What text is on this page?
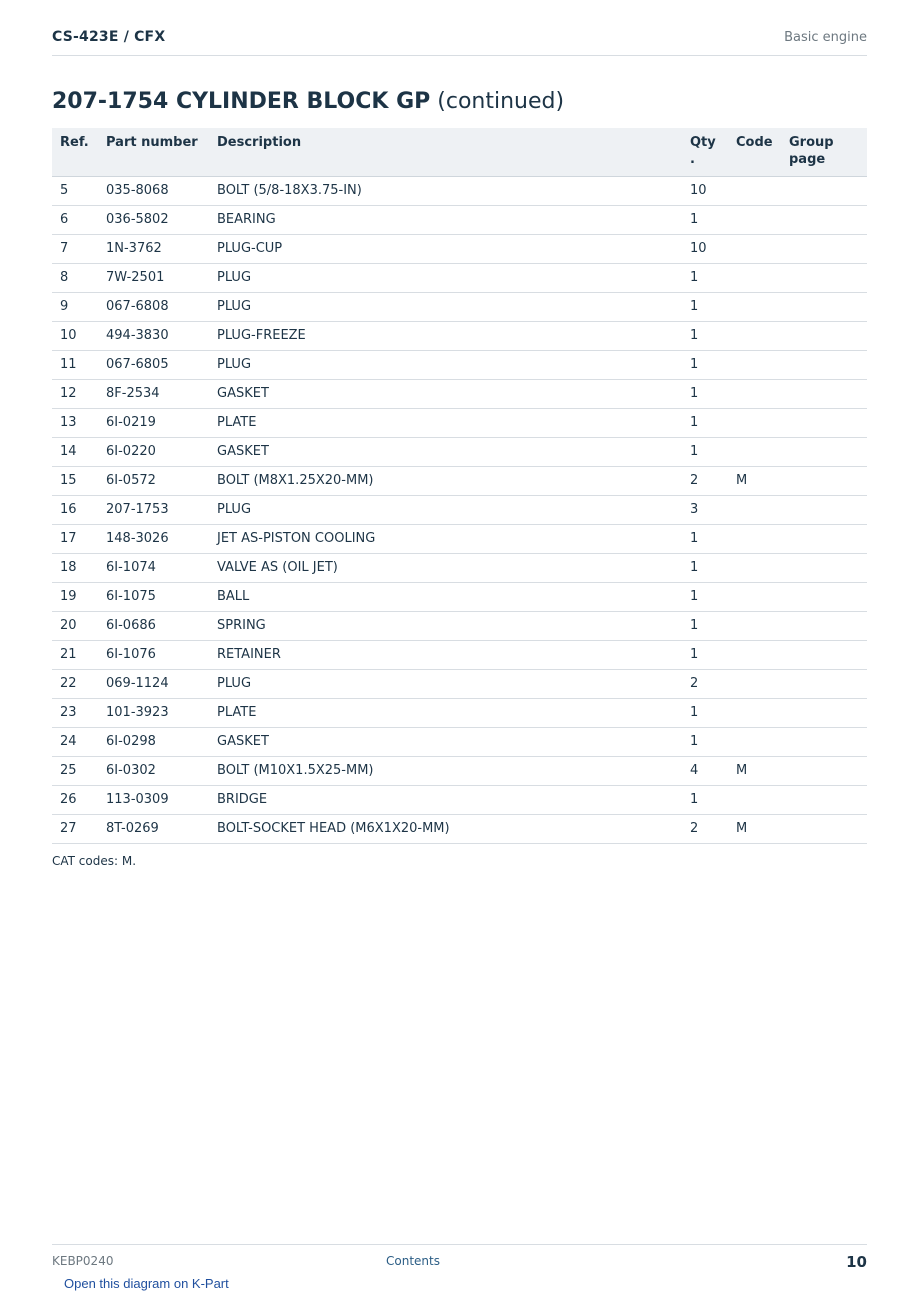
CS-423E / CFX	Basic engine
207-1754 CYLINDER BLOCK GP (continued)
Ref.	Part number	Description	Qty .	Code	Group page
5	035-8068	BOLT (5/8-18X3.75-IN)	10		
6	036-5802	BEARING	1		
7	1N-3762	PLUG-CUP	10		
8	7W-2501	PLUG	1		
9	067-6808	PLUG	1		
10	494-3830	PLUG-FREEZE	1		
11	067-6805	PLUG	1		
12	8F-2534	GASKET	1		
13	6I-0219	PLATE	1		
14	6I-0220	GASKET	1		
15	6I-0572	BOLT (M8X1.25X20-MM)	2	M	
16	207-1753	PLUG	3		
17	148-3026	JET AS-PISTON COOLING	1		
18	6I-1074	VALVE AS (OIL JET)	1		
19	6I-1075	BALL	1		
20	6I-0686	SPRING	1		
21	6I-1076	RETAINER	1		
22	069-1124	PLUG	2		
23	101-3923	PLATE	1		
24	6I-0298	GASKET	1		
25	6I-0302	BOLT (M10X1.5X25-MM)	4	M	
26	113-0309	BRIDGE	1		
27	8T-0269	BOLT-SOCKET HEAD (M6X1X20-MM)	2	M	
CAT codes: M.
KEBP0240	Contents	10
Open this diagram on K-Part
